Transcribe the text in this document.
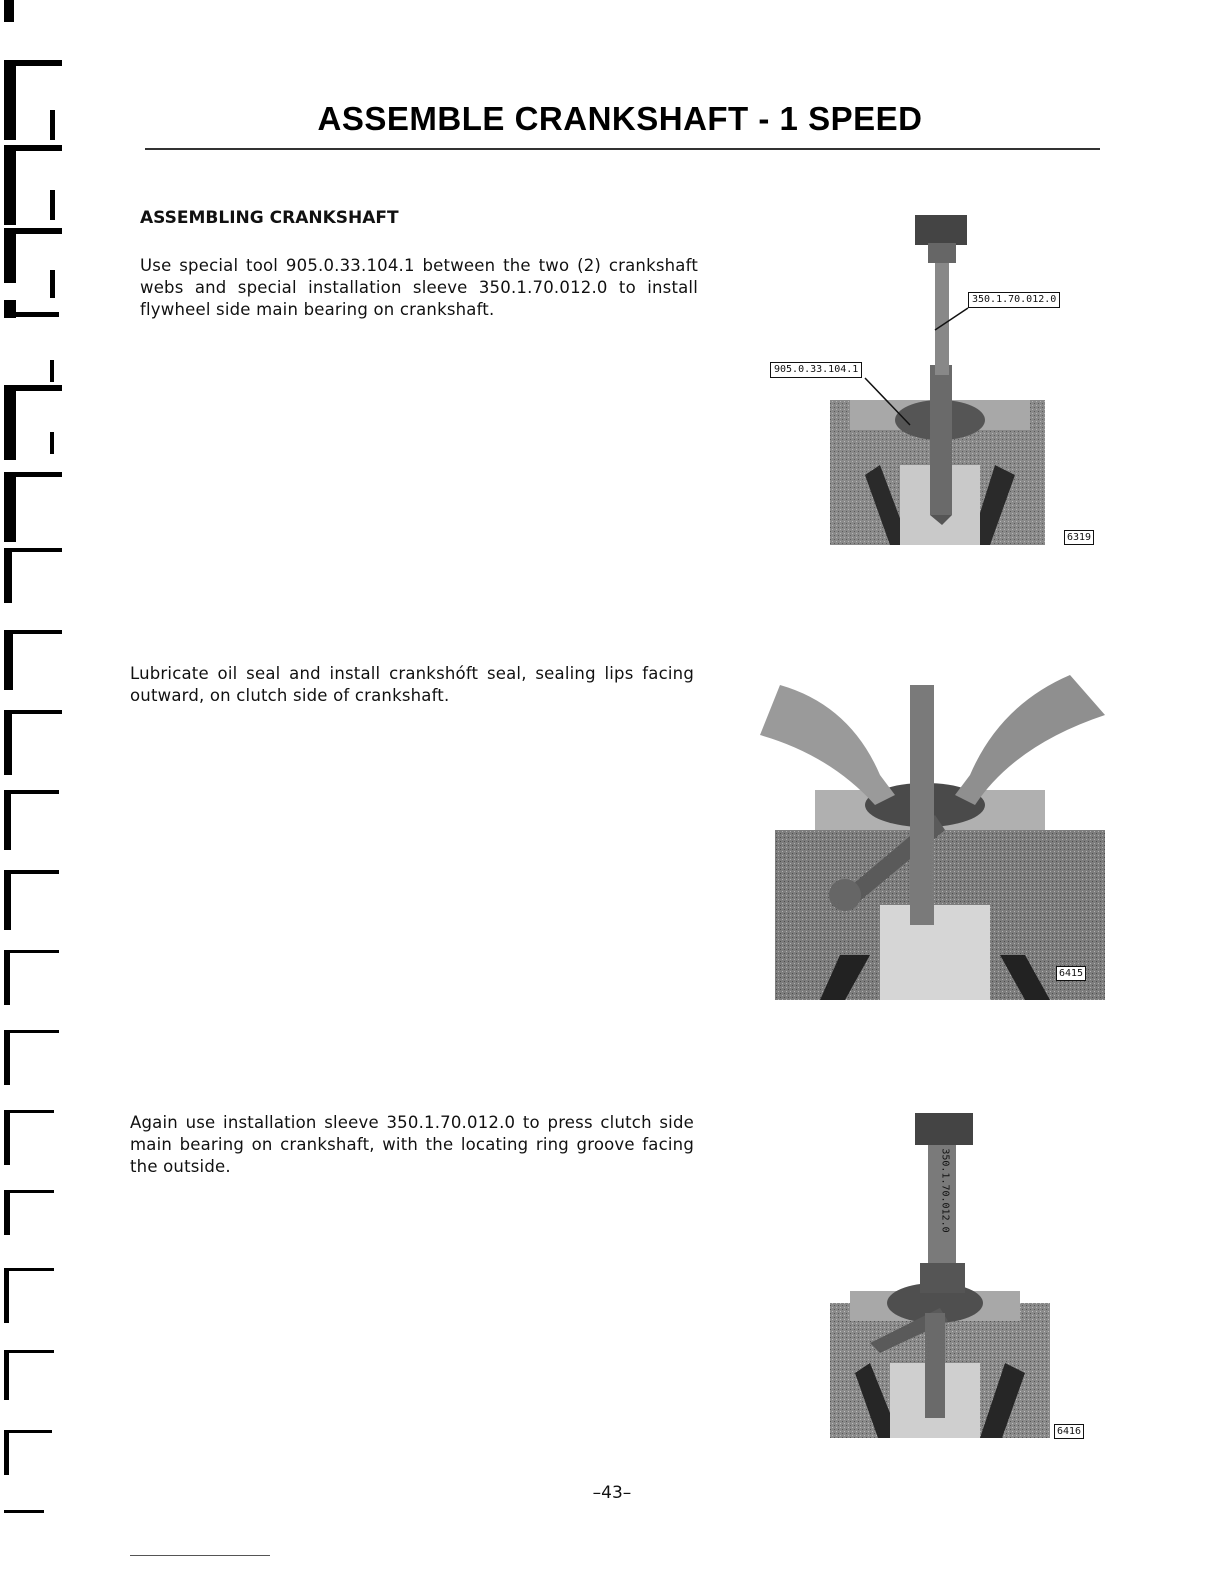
ASSEMBLE CRANKSHAFT - 1 SPEED
ASSEMBLING CRANKSHAFT
Use special tool 905.0.33.104.1 between the two (2) crankshaft webs and special installation sleeve 350.1.70.012.0 to install flywheel side main bearing on crankshaft.
350.1.70.012.0
905.0.33.104.1
6319
Lubricate oil seal and install crankshóft seal, sealing lips facing outward, on clutch side of crankshaft.
6415
Again use installation sleeve 350.1.70.012.0 to press clutch side main bearing on crankshaft, with the locating ring groove facing the outside.	350.1.70.012.0
6416
–43–
